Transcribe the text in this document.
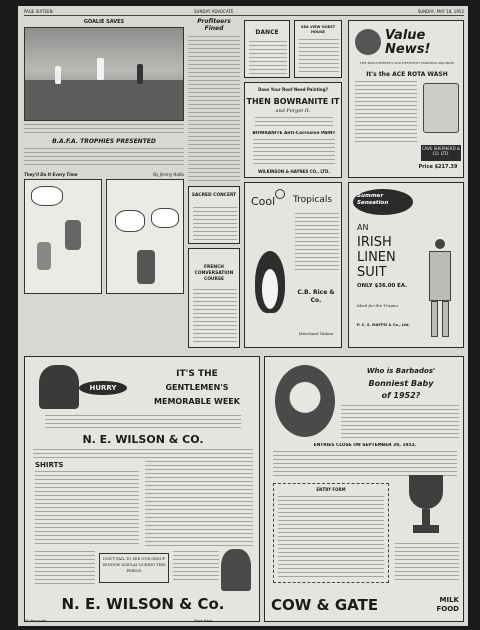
PAGE SIXTEEN	SUNDAY ADVOCATE	SUNDAY, MAY 18, 1952
GOALIE SAVES
B.A.F.A. TROPHIES PRESENTED
Profiteers Fined
DANCE
SEA VIEW GUEST HOUSE
Does Your Roof Need Painting?
THEN BOWRANITE IT
and Forget It.
BOWRANITE Anti-Corrosive PAINT
WILKINSON & HAYNES CO., LTD.
Value News!
THE MOST PERFECT AND EFFICIENT WASHING MACHINE
It's the ACE ROTA WASH
CAVE SHEPHERD & CO. LTD.
Price $217.39
They'll Do It Every Time	By Jimmy Hatlo
SACRED CONCERT
FRENCH CONVERSATION COURSE
Cool Tropicals
C.B. Rice & Co.
Merchant Tailors
Summer Sensation
AN
IRISH
LINEN
SUIT
ONLY $36.00 EA.
Ideal for the Tropics
P. C. S. MAFFEI & Co., Ltd.
HURRY
IT'S THE
GENTLEMEN'S
MEMORABLE WEEK
N. E. WILSON & CO.
SHIRTS
DON'T FAIL TO SEE OUR GROUP WINDOW DISPLAY DURING THIS PERIOD
N. E. WILSON & Co.
Who is Barbados'
Bonniest Baby
of 1952?
ENTRIES CLOSE ON SEPTEMBER 30, 1952.
ENTRY FORM
COW & GATE	MILK FOOD
16 Advocate	Start Here
